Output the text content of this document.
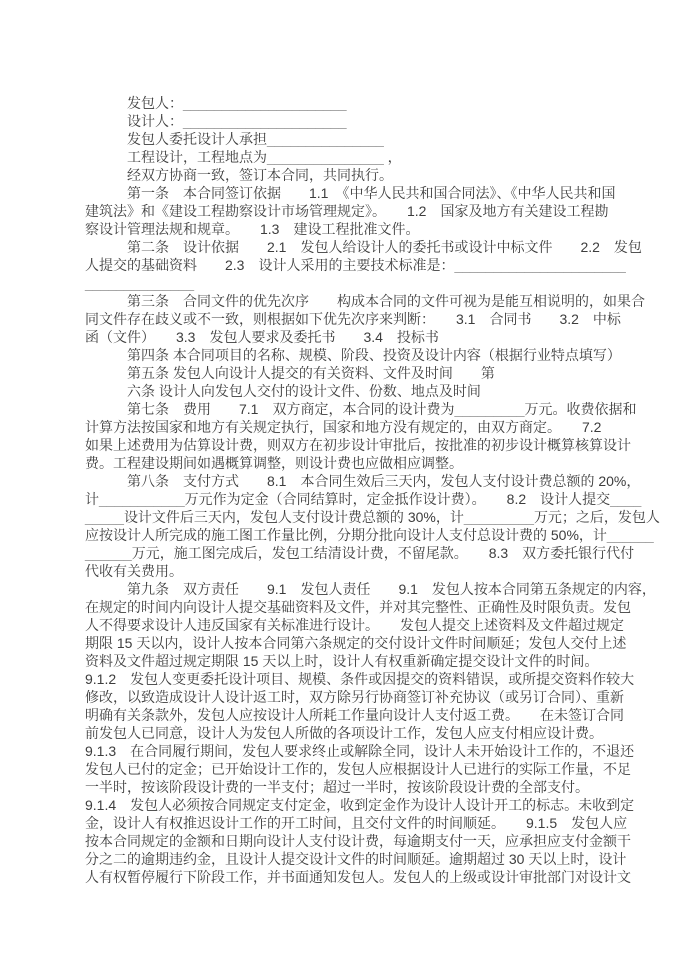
发包人：_____________________
设计人：_____________________
发包人委托设计人承担_______________
工程设计，工程地点为_______________ ，
经双方协商一致，签订本合同，共同执行。
第一条　本合同签订依据　　1.1　《中华人民共和国合同法》、《中华人民共和国
建筑法》和《建设工程勘察设计市场管理规定》。　　1.2　国家及地方有关建设工程勘
察设计管理法规和规章。　　1.3　建设工程批准文件。
第二条　设计依据　　2.1　发包人给设计人的委托书或设计中标文件　　2.2　发包
人提交的基础资料　　2.3　设计人采用的主要技术标准是：______________________
______________
第三条　合同文件的优先次序　　构成本合同的文件可视为是能互相说明的，如果合
同文件存在歧义或不一致，则根据如下优先次序来判断：　　3.1　合同书　　3.2　中标
函（文件）　　3.3　发包人要求及委托书　　3.4　投标书
第四条 本合同项目的名称、规模、阶段、投资及设计内容（根据行业特点填写）
第五条 发包人向设计人提交的有关资料、文件及时间　　第
六条 设计人向发包人交付的设计文件、份数、地点及时间
第七条　费用　　7.1　双方商定，本合同的设计费为_________万元。收费依据和
计算方法按国家和地方有关规定执行，国家和地方没有规定的，由双方商定。　　7.2
如果上述费用为估算设计费，则双方在初步设计审批后，按批准的初步设计概算核算设计
费。工程建设期间如遇概算调整，则设计费也应做相应调整。
第八条　支付方式　　8.1　本合同生效后三天内，发包人支付设计费总额的 20%，
计___________万元作为定金（合同结算时，定金抵作设计费）。　　8.2　设计人提交____
_____设计文件后三天内，发包人支付设计费总额的 30%，计_________万元；之后，发包人
应按设计人所完成的施工图工作量比例，分期分批向设计人支付总设计费的 50%，计______
______万元，施工图完成后，发包工结清设计费，不留尾款。　　8.3　双方委托银行代付
代收有关费用。
第九条　双方责任　　9.1　发包人责任　　9.1　发包人按本合同第五条规定的内容，
在规定的时间内向设计人提交基础资料及文件，并对其完整性、正确性及时限负责。发包
人不得要求设计人违反国家有关标准进行设计。　　发包人提交上述资料及文件超过规定
期限 15 天以内，设计人按本合同第六条规定的交付设计文件时间顺延；发包人交付上述
资料及文件超过规定期限 15 天以上时，设计人有权重新确定提交设计文件的时间。
9.1.2　发包人变更委托设计项目、规模、条件或因提交的资料错误，或所提交资料作较大
修改，以致造成设计人设计返工时，双方除另行协商签订补充协议（或另订合同）、重新
明确有关条款外，发包人应按设计人所耗工作量向设计人支付返工费。　　在未签订合同
前发包人已同意，设计人为发包人所做的各项设计工作，发包人应支付相应设计费。
9.1.3　在合同履行期间，发包人要求终止或解除全同，设计人未开始设计工作的，不退还
发包人已付的定金；已开始设计工作的，发包人应根据设计人已进行的实际工作量，不足
一半时，按该阶段设计费的一半支付；超过一半时，按该阶段设计费的全部支付。
9.1.4　发包人必须按合同规定支付定金，收到定金作为设计人设计开工的标志。未收到定
金，设计人有权推迟设计工作的开工时间，且交付文件的时间顺延。　　9.1.5　发包人应
按本合同规定的金额和日期向设计人支付设计费，每逾期支付一天，应承担应支付金额干
分之二的逾期违约金，且设计人提交设计文件的时间顺延。逾期超过 30 天以上时，设计
人有权暂停履行下阶段工作，并书面通知发包人。发包人的上级或设计审批部门对设计文
